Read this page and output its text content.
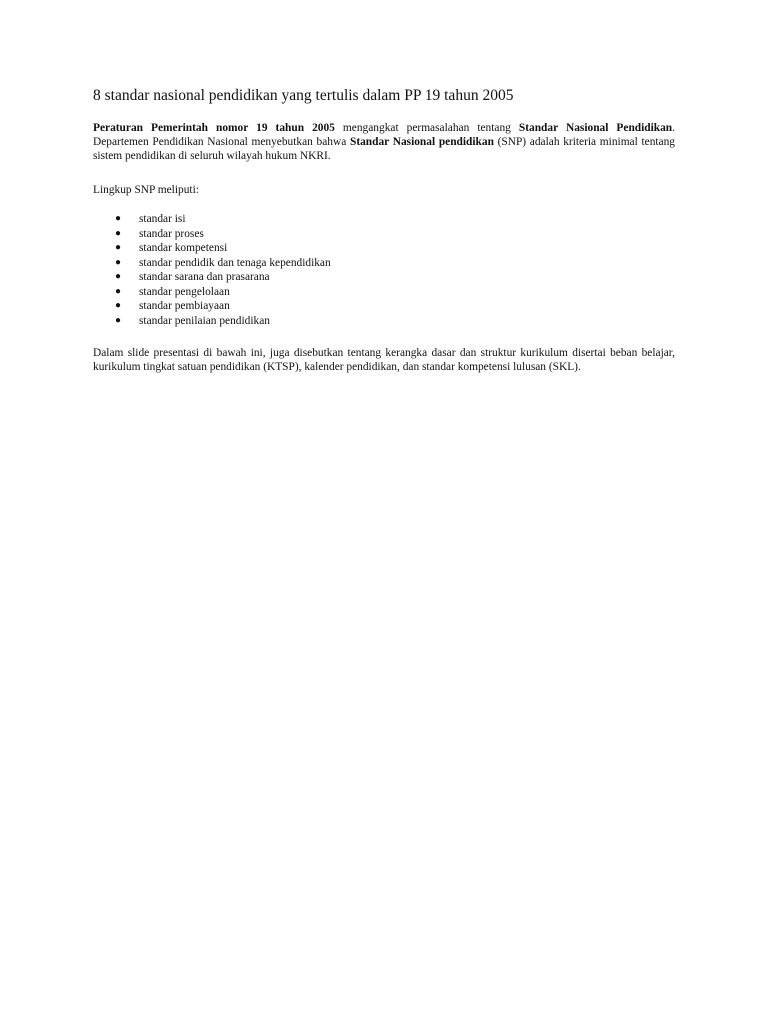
8 standar nasional pendidikan yang tertulis dalam PP 19 tahun 2005

Peraturan Pemerintah nomor 19 tahun 2005 mengangkat permasalahan tentang Standar Nasional Pendidikan. Departemen Pendidikan Nasional menyebutkan bahwa Standar Nasional pendidikan (SNP) adalah kriteria minimal tentang sistem pendidikan di seluruh wilayah hukum NKRI.

Lingkup SNP meliputi:

● standar isi
● standar proses
● standar kompetensi
● standar pendidik dan tenaga kependidikan
● standar sarana dan prasarana
● standar pengelolaan
● standar pembiayaan
● standar penilaian pendidikan

Dalam slide presentasi di bawah ini, juga disebutkan tentang kerangka dasar dan struktur kurikulum disertai beban belajar, kurikulum tingkat satuan pendidikan (KTSP), kalender pendidikan, dan standar kompetensi lulusan (SKL).
